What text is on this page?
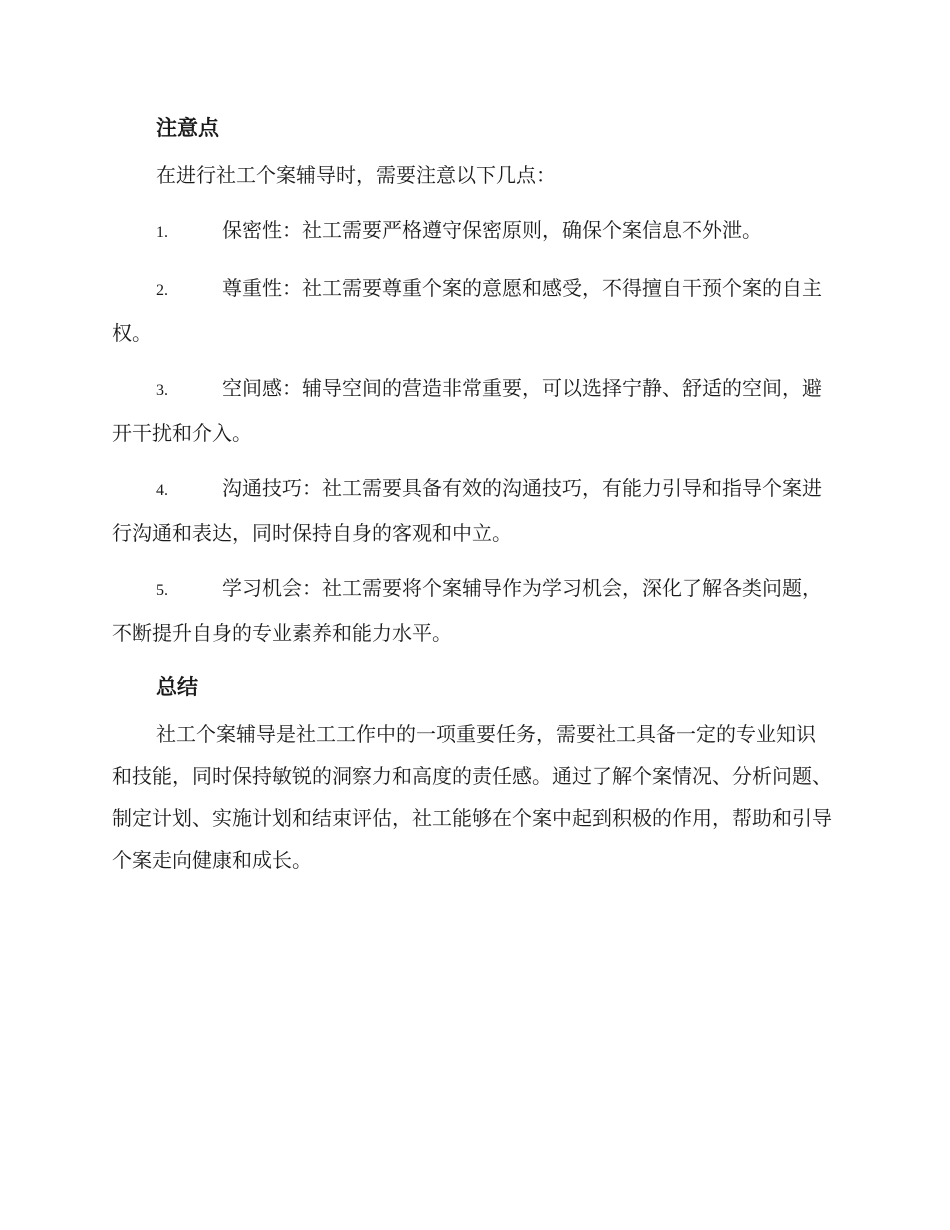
注意点

在进行社工个案辅导时，需要注意以下几点：

1.	保密性：社工需要严格遵守保密原则，确保个案信息不外泄。

2.	尊重性：社工需要尊重个案的意愿和感受，不得擅自干预个案的自主权。

3.	空间感：辅导空间的营造非常重要，可以选择宁静、舒适的空间，避开干扰和介入。

4.	沟通技巧：社工需要具备有效的沟通技巧，有能力引导和指导个案进行沟通和表达，同时保持自身的客观和中立。

5.	学习机会：社工需要将个案辅导作为学习机会，深化了解各类问题，不断提升自身的专业素养和能力水平。

总结

社工个案辅导是社工工作中的一项重要任务，需要社工具备一定的专业知识和技能，同时保持敏锐的洞察力和高度的责任感。通过了解个案情况、分析问题、制定计划、实施计划和结束评估，社工能够在个案中起到积极的作用，帮助和引导个案走向健康和成长。
